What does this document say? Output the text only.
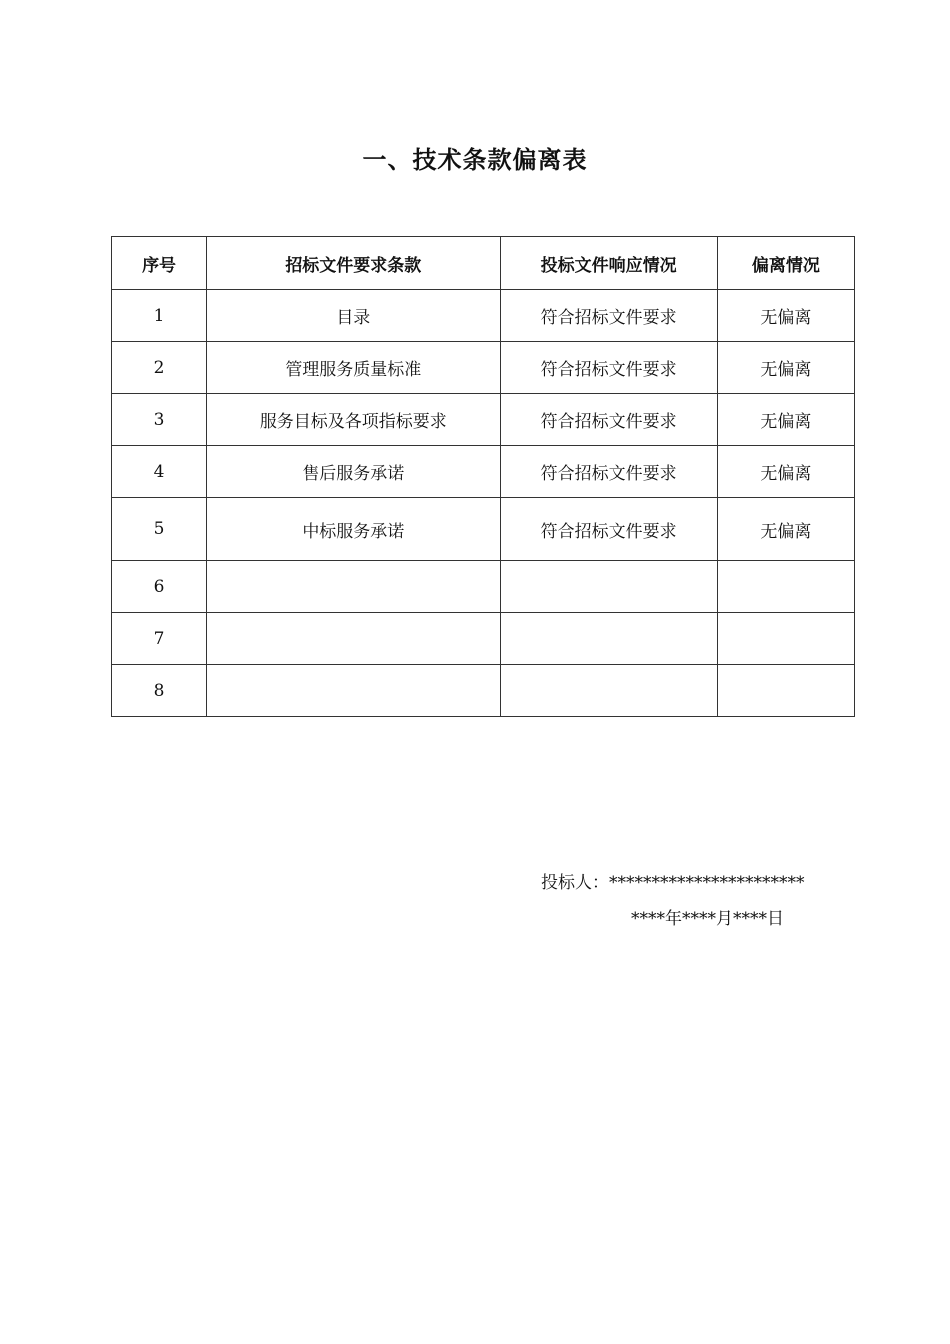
一、技术条款偏离表
序号	招标文件要求条款	投标文件响应情况	偏离情况
1	目录	符合招标文件要求	无偏离
2	管理服务质量标准	符合招标文件要求	无偏离
3	服务目标及各项指标要求	符合招标文件要求	无偏离
4	售后服务承诺	符合招标文件要求	无偏离
5	中标服务承诺	符合招标文件要求	无偏离
6			
7			
8			
投标人：***********************
****年****月****日
